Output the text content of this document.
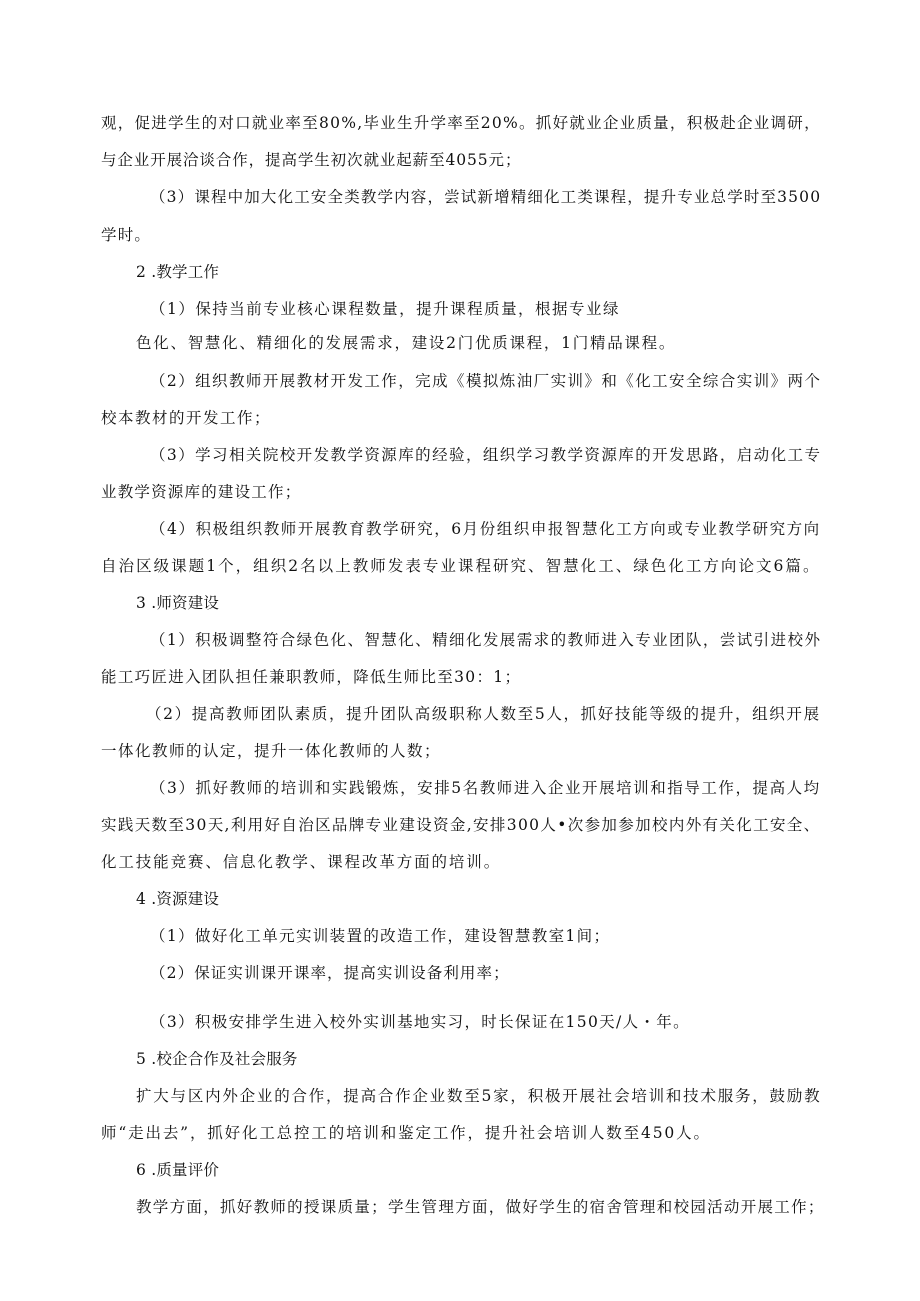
观，促进学生的对口就业率至80%,毕业生升学率至20%。抓好就业企业质量，积极赴企业调研，
与企业开展洽谈合作，提高学生初次就业起薪至4055元；
（3）课程中加大化工安全类教学内容，尝试新增精细化工类课程，提升专业总学时至3500
学时。
2 .教学工作
（1）保持当前专业核心课程数量，提升课程质量，根据专业绿
色化、智慧化、精细化的发展需求，建设2门优质课程，1门精品课程。
（2）组织教师开展教材开发工作，完成《模拟炼油厂实训》和《化工安全综合实训》两个
校本教材的开发工作；
（3）学习相关院校开发教学资源库的经验，组织学习教学资源库的开发思路，启动化工专
业教学资源库的建设工作；
（4）积极组织教师开展教育教学研究，6月份组织申报智慧化工方向或专业教学研究方向
自治区级课题1个，组织2名以上教师发表专业课程研究、智慧化工、绿色化工方向论文6篇。
3 .师资建设
（1）积极调整符合绿色化、智慧化、精细化发展需求的教师进入专业团队，尝试引进校外
能工巧匠进入团队担任兼职教师，降低生师比至30：1；
（2）提高教师团队素质，提升团队高级职称人数至5人，抓好技能等级的提升，组织开展
一体化教师的认定，提升一体化教师的人数；
（3）抓好教师的培训和实践锻炼，安排5名教师进入企业开展培训和指导工作，提高人均
实践天数至30天,利用好自治区品牌专业建设资金,安排300人•次参加参加校内外有关化工安全、
化工技能竞赛、信息化教学、课程改革方面的培训。
4 .资源建设
（1）做好化工单元实训装置的改造工作，建设智慧教室1间；
（2）保证实训课开课率，提高实训设备利用率；
（3）积极安排学生进入校外实训基地实习，时长保证在150天/人・年。
5 .校企合作及社会服务
扩大与区内外企业的合作，提高合作企业数至5家，积极开展社会培训和技术服务，鼓励教
师“走出去”，抓好化工总控工的培训和鉴定工作，提升社会培训人数至450人。
6 .质量评价
教学方面，抓好教师的授课质量；学生管理方面，做好学生的宿舍管理和校园活动开展工作；
